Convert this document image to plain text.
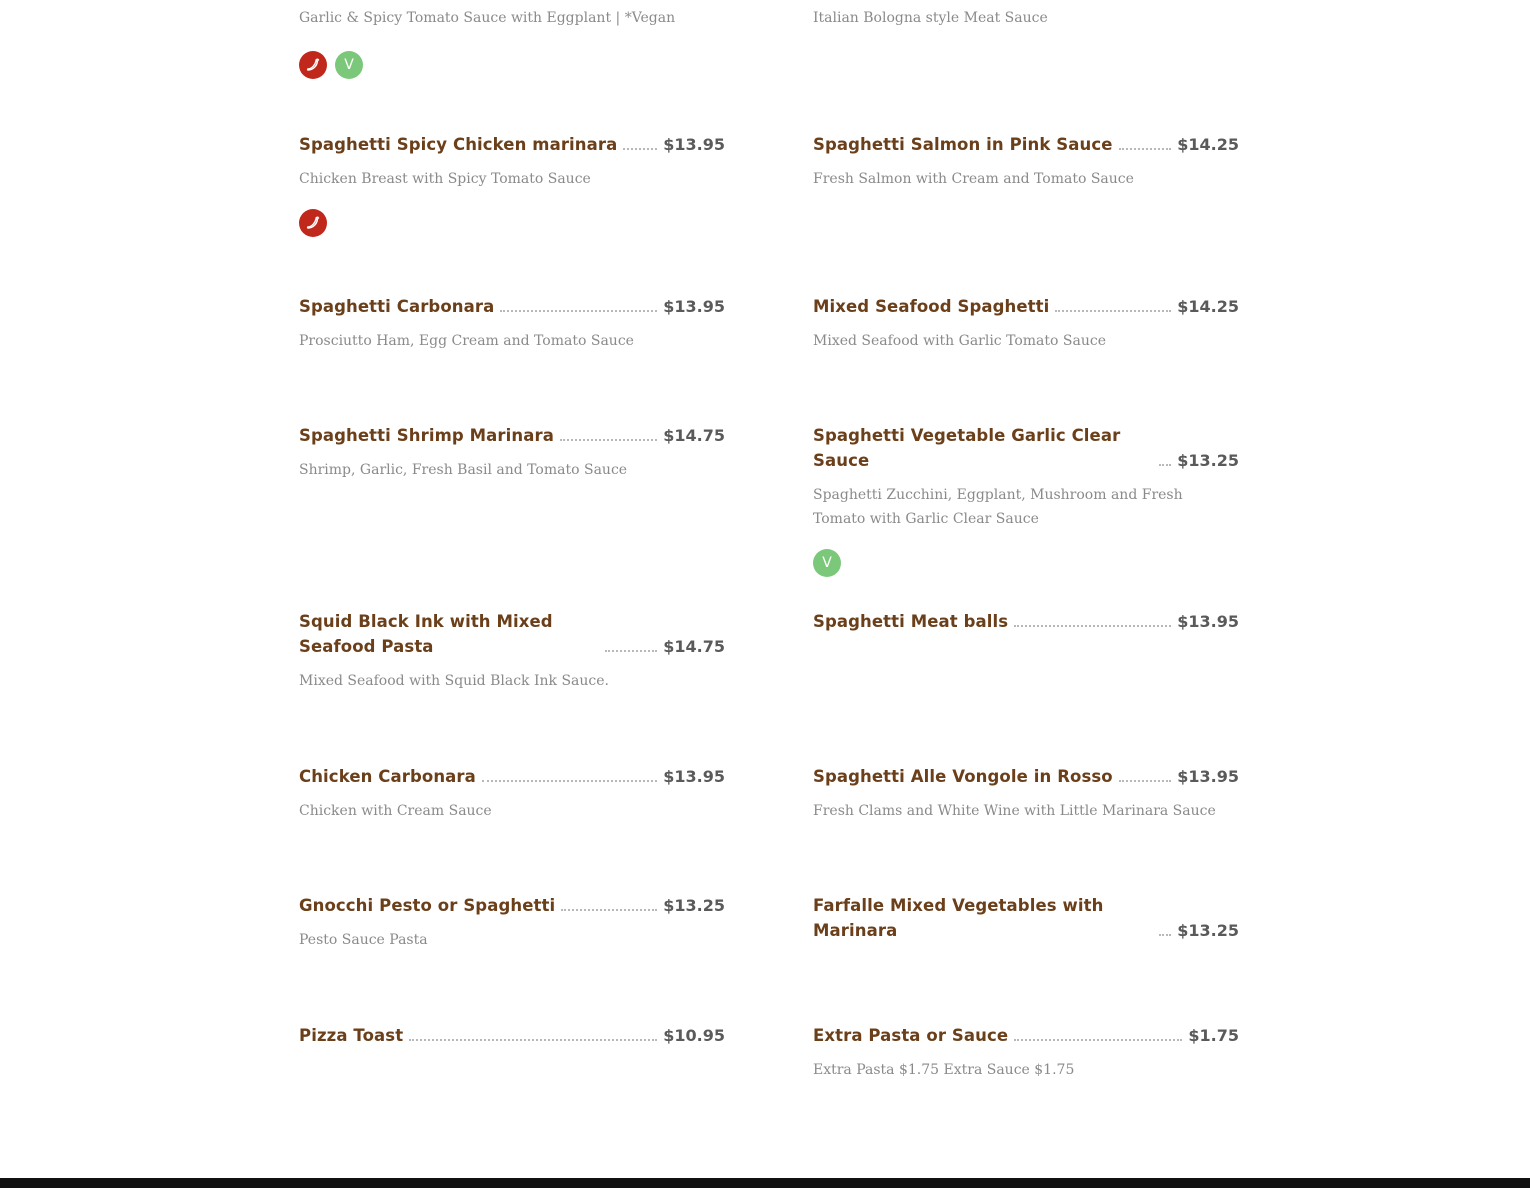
Garlic & Spicy Tomato Sauce with Eggplant | *Vegan
V
Spaghetti Spicy Chicken marinara	$13.95
Chicken Breast with Spicy Tomato Sauce
Spaghetti Carbonara	$13.95
Prosciutto Ham, Egg Cream and Tomato Sauce
Spaghetti Shrimp Marinara	$14.75
Shrimp, Garlic, Fresh Basil and Tomato Sauce
Squid Black Ink with Mixed Seafood Pasta	$14.75
Mixed Seafood with Squid Black Ink Sauce.
Chicken Carbonara	$13.95
Chicken with Cream Sauce
Gnocchi Pesto or Spaghetti	$13.25
Pesto Sauce Pasta
Pizza Toast	$10.95
Italian Bologna style Meat Sauce
Spaghetti Salmon in Pink Sauce	$14.25
Fresh Salmon with Cream and Tomato Sauce
Mixed Seafood Spaghetti	$14.25
Mixed Seafood with Garlic Tomato Sauce
Spaghetti Vegetable Garlic Clear Sauce	$13.25
Spaghetti Zucchini, Eggplant, Mushroom and Fresh Tomato with Garlic Clear Sauce
V
Spaghetti Meat balls	$13.95
Spaghetti Alle Vongole in Rosso	$13.95
Fresh Clams and White Wine with Little Marinara Sauce
Farfalle Mixed Vegetables with Marinara	$13.25
Extra Pasta or Sauce	$1.75
Extra Pasta $1.75 Extra Sauce $1.75
